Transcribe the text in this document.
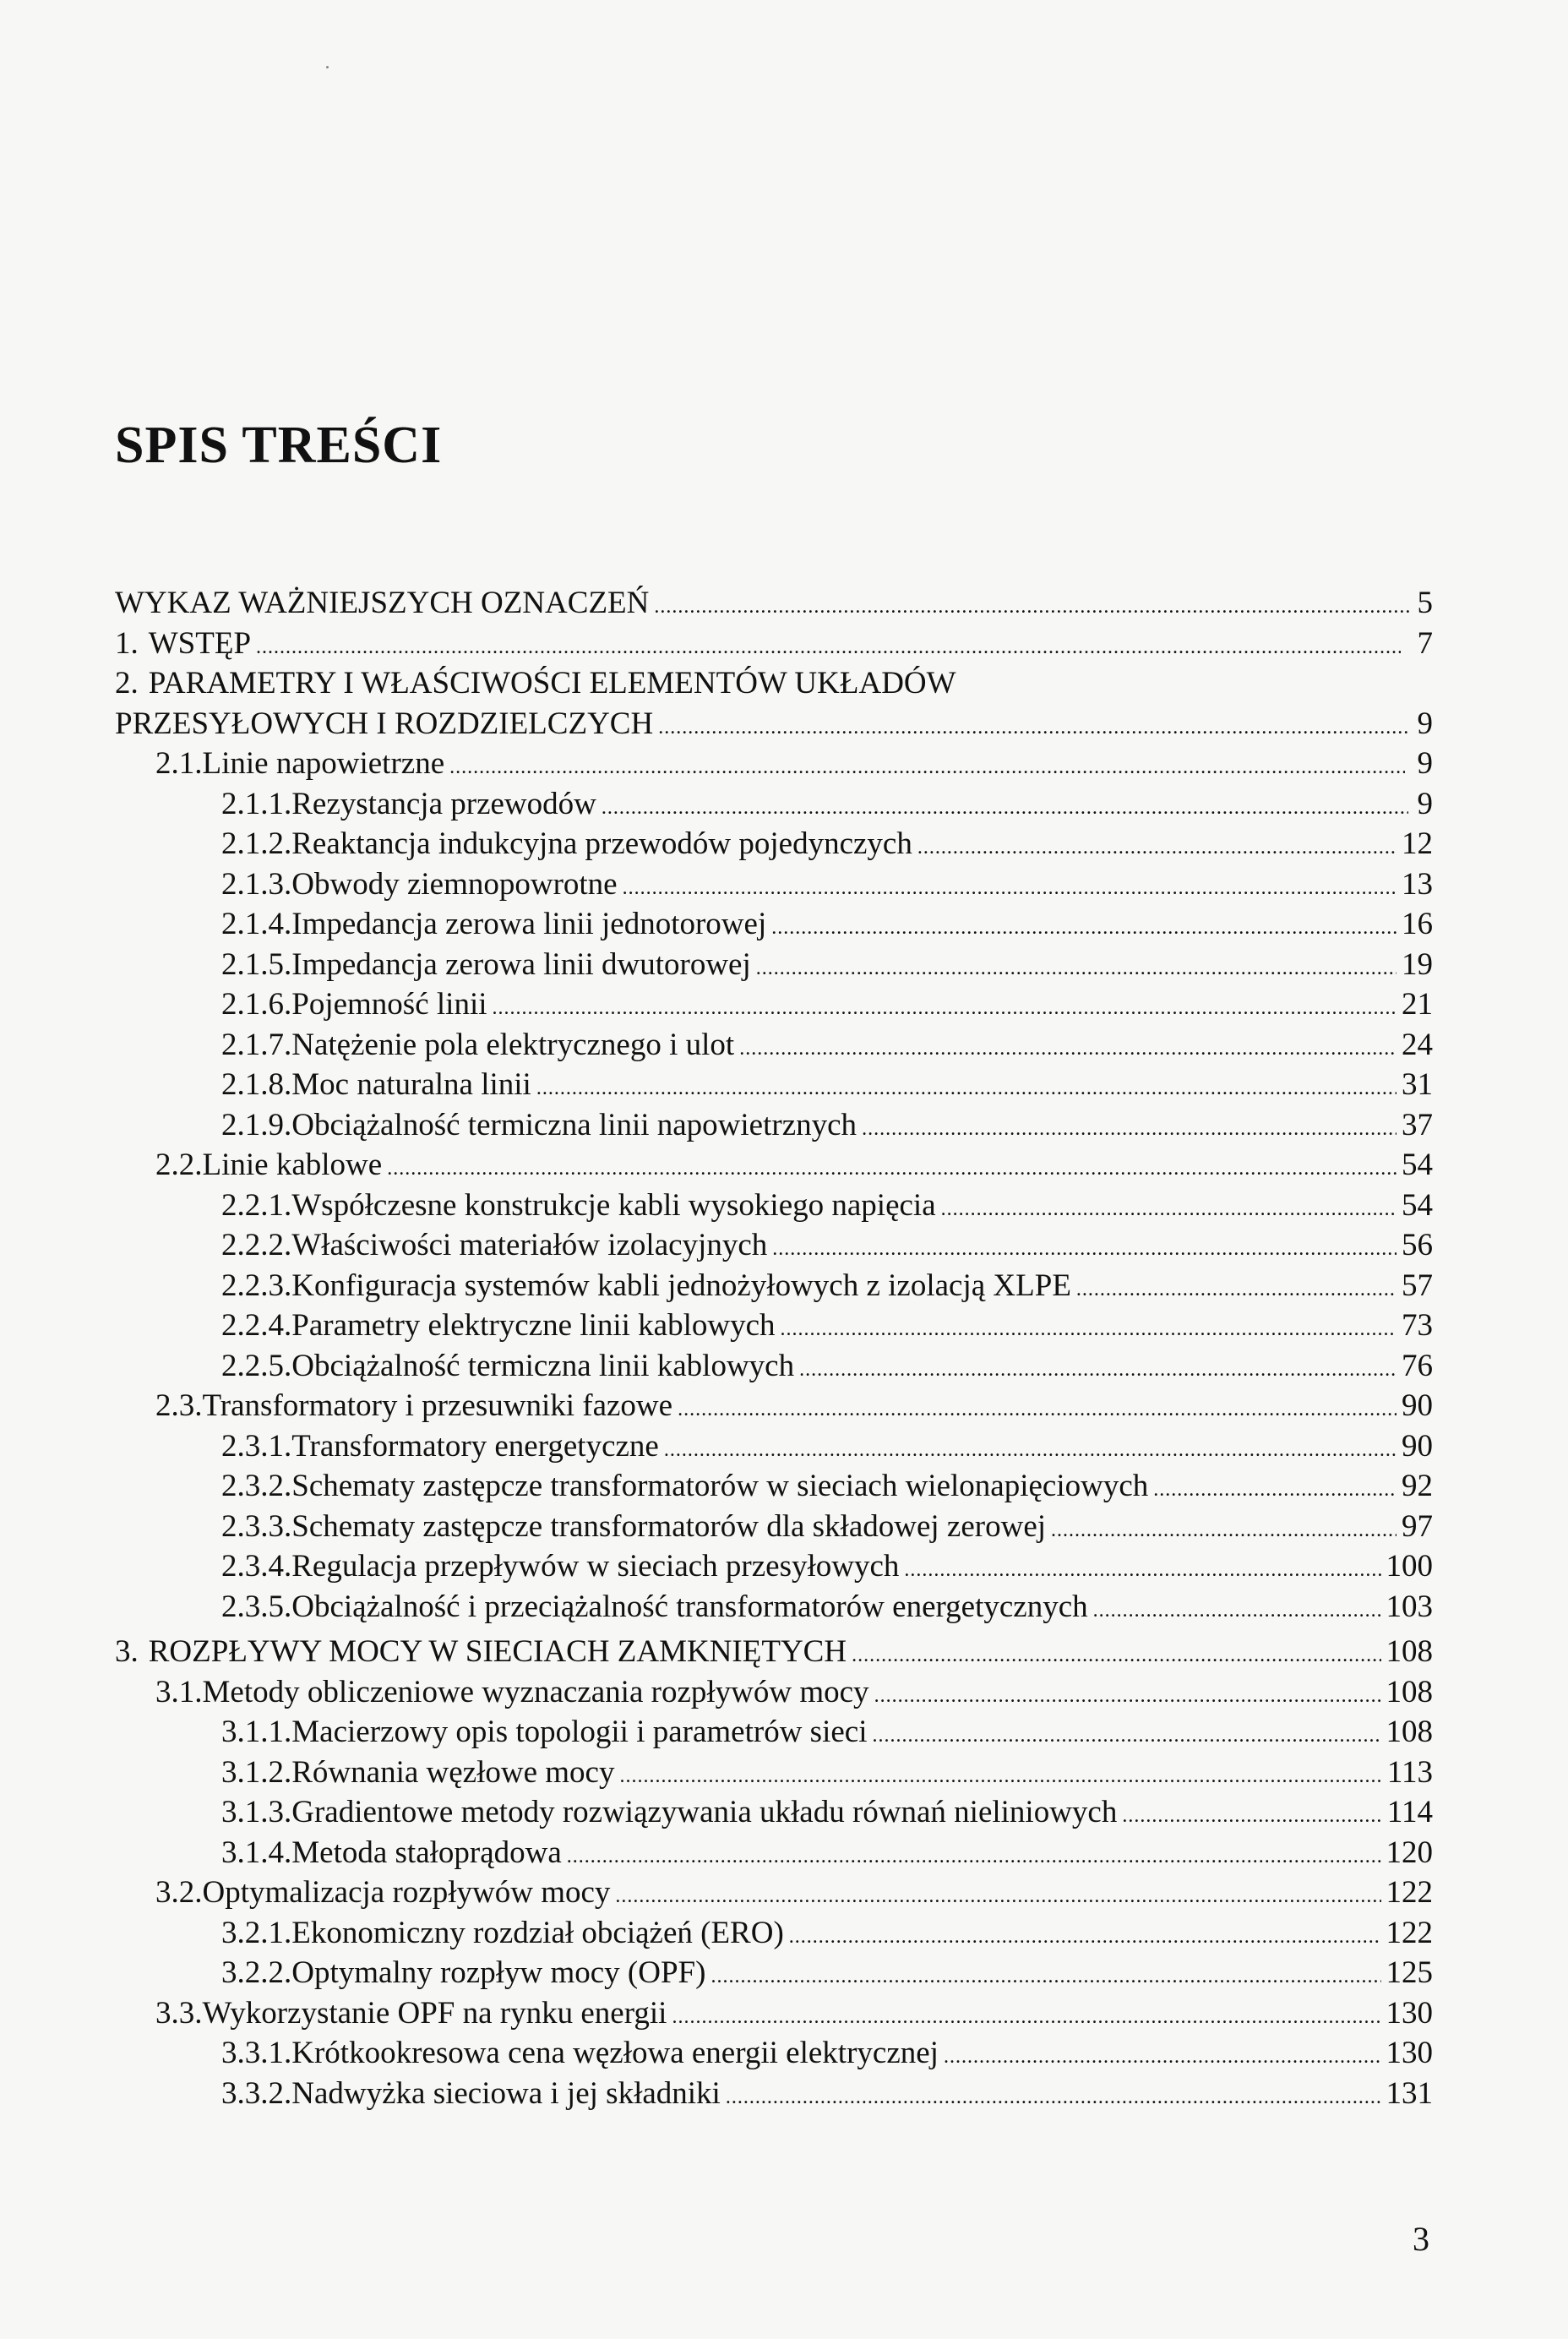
SPIS TREŚCI
WYKAZ WAŻNIEJSZYCH OZNACZEŃ .....	5
1. WSTĘP .....	7
2. PARAMETRY I WŁAŚCIWOŚCI ELEMENTÓW UKŁADÓW
PRZESYŁOWYCH I ROZDZIELCZYCH .....	9
2.1. Linie napowietrzne .....	9
2.1.1. Rezystancja przewodów .....	9
2.1.2. Reaktancja indukcyjna przewodów pojedynczych .....	12
2.1.3. Obwody ziemnopowrotne .....	13
2.1.4. Impedancja zerowa linii jednotorowej .....	16
2.1.5. Impedancja zerowa linii dwutorowej .....	19
2.1.6. Pojemność linii .....	21
2.1.7. Natężenie pola elektrycznego i ulot .....	24
2.1.8. Moc naturalna linii .....	31
2.1.9. Obciążalność termiczna linii napowietrznych .....	37
2.2. Linie kablowe .....	54
2.2.1. Współczesne konstrukcje kabli wysokiego napięcia .....	54
2.2.2. Właściwości materiałów izolacyjnych .....	56
2.2.3. Konfiguracja systemów kabli jednożyłowych z izolacją XLPE .....	57
2.2.4. Parametry elektryczne linii kablowych .....	73
2.2.5. Obciążalność termiczna linii kablowych .....	76
2.3. Transformatory i przesuwniki fazowe .....	90
2.3.1. Transformatory energetyczne .....	90
2.3.2. Schematy zastępcze transformatorów w sieciach wielonapięciowych .....	92
2.3.3. Schematy zastępcze transformatorów dla składowej zerowej .....	97
2.3.4. Regulacja przepływów w sieciach przesyłowych .....	100
2.3.5. Obciążalność i przeciążalność transformatorów energetycznych .....	103
3. ROZPŁYWY MOCY W SIECIACH ZAMKNIĘTYCH .....	108
3.1. Metody obliczeniowe wyznaczania rozpływów mocy .....	108
3.1.1. Macierzowy opis topologii i parametrów sieci .....	108
3.1.2. Równania węzłowe mocy .....	113
3.1.3. Gradientowe metody rozwiązywania układu równań nieliniowych .....	114
3.1.4. Metoda stałoprądowa .....	120
3.2. Optymalizacja rozpływów mocy .....	122
3.2.1. Ekonomiczny rozdział obciążeń (ERO) .....	122
3.2.2. Optymalny rozpływ mocy (OPF) .....	125
3.3. Wykorzystanie OPF na rynku energii .....	130
3.3.1. Krótkookresowa cena węzłowa energii elektrycznej .....	130
3.3.2. Nadwyżka sieciowa i jej składniki .....	131
3
